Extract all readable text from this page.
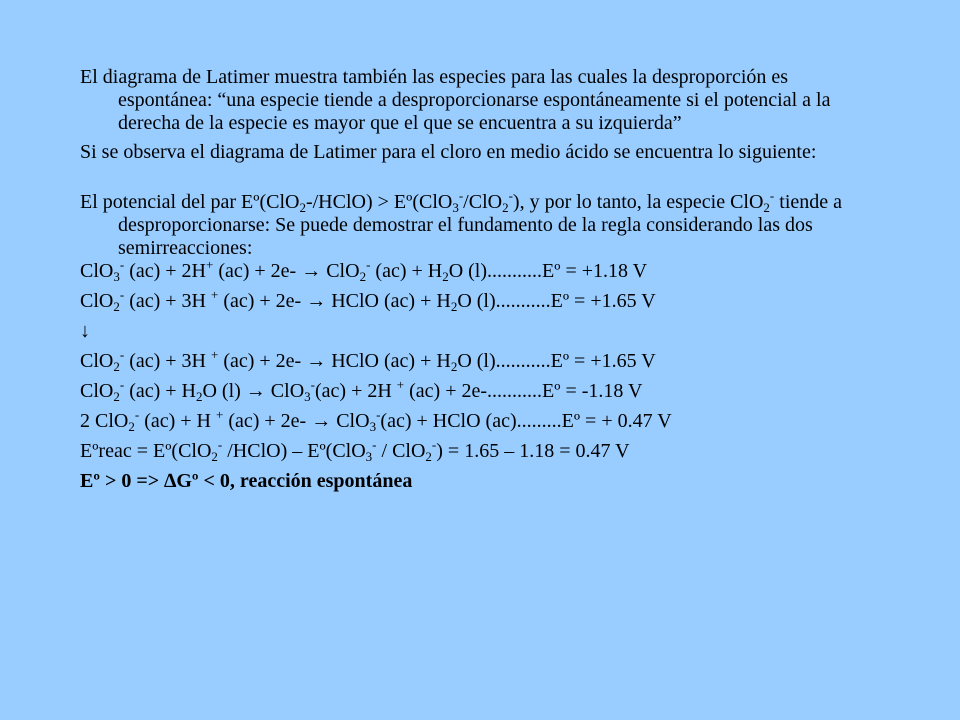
El diagrama de Latimer muestra también las especies para las cuales la desproporción es espontánea: “una especie tiende a desproporcionarse espontáneamente si el potencial a la derecha de la especie es mayor que el que se encuentra a su izquierda”

Si se observa el diagrama de Latimer para el cloro en medio ácido se encuentra lo siguiente:

El potencial del par Eº(ClO$_2$-/HClO) > Eº(ClO$_3$-/ClO$_2$-), y por lo tanto, la especie ClO$_2$- tiende a desproporcionarse: Se puede demostrar el fundamento de la regla considerando las dos semirreacciones:

ClO$_3$- (ac) + 2H+ (ac) + 2e- → ClO$_2$- $(ac) + H_2O$ (l)...........Eº = +1.18 V

ClO$_2$- (ac) + 3H + (ac) + 2e- → HClO $(ac) + H_2O$ (l)...........Eº = +1.65 V

↓

ClO$_2$- (ac) + 3H + (ac) + 2e- → HClO $(ac) + H_2O$ (l)...........Eº = +1.65 V

ClO$_2$- $(ac) + H_2O$ (l) → ClO$_3$-(ac) + 2H + (ac) + 2e-...........Eº = -1.18 V

2 ClO$_2$- (ac) + H + (ac) + 2e- → ClO$_3$-(ac) + HClO (ac).........Eº = + 0.47 V

Eºreac = Eº(ClO$_2$- /HClO) – Eº(ClO$_3$- / ClO$_2$-) = 1.65 – 1.18 = 0.47 V

Eº > 0 => ∆Gº < 0, reacción espontánea
